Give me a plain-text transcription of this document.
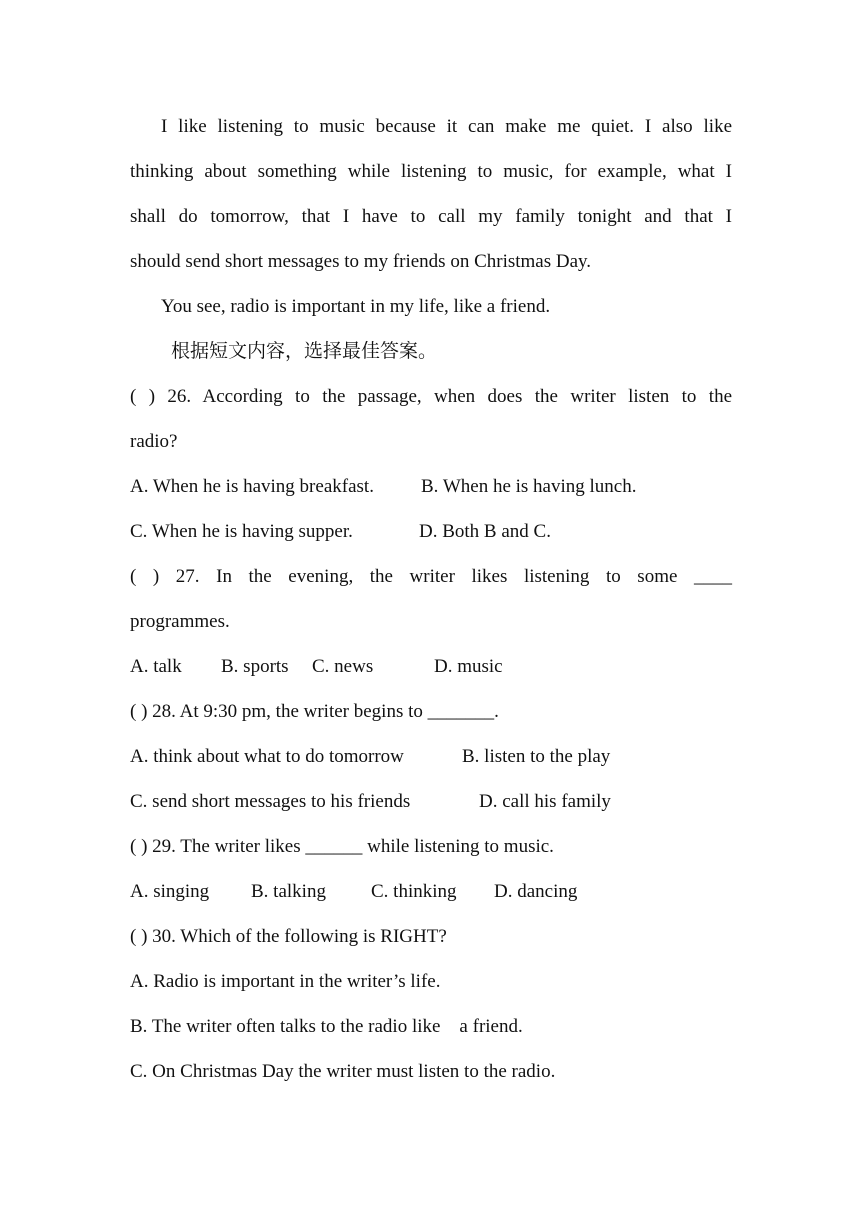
I like listening to music because it can make me quiet. I also like
thinking about something while listening to music, for example, what I
shall do tomorrow, that I have to call my family tonight and that I
should send short messages to my friends on Christmas Day.
You see, radio is important in my life, like a friend.
根据短文内容，选择最佳答案。
( ) 26. According to the passage, when does the writer listen to the
radio?
A. When he is having breakfast.	B. When he is having lunch.
C. When he is having supper.	D. Both B and C.
( ) 27. In the evening, the writer likes listening to some ____
programmes.
A. talk	B. sports	C. news	D. music
( ) 28. At 9:30 pm, the writer begins to _______.
A. think about what to do tomorrow	B. listen to the play
C. send short messages to his friends	D. call his family
( ) 29. The writer likes ______ while listening to music.
A. singing	B. talking	C. thinking	D. dancing
( ) 30. Which of the following is RIGHT?
A. Radio is important in the writer’s life.
B. The writer often talks to the radio like    a friend.
C. On Christmas Day the writer must listen to the radio.
